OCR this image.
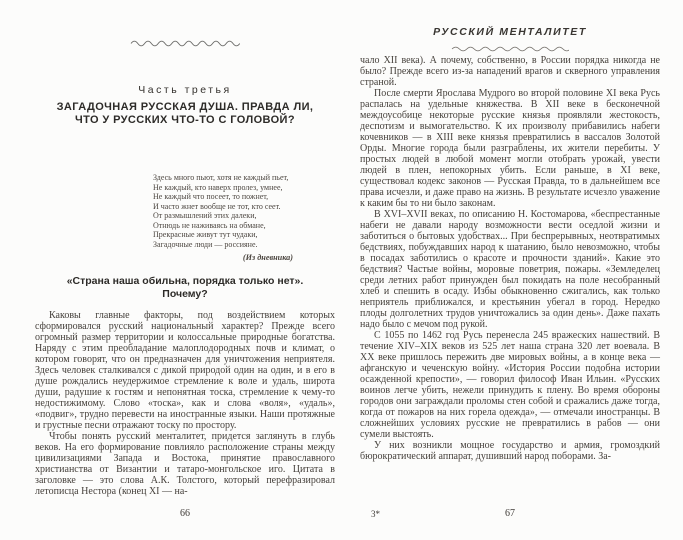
Часть третья
ЗАГАДОЧНАЯ РУССКАЯ ДУША. ПРАВДА ЛИ,
ЧТО У РУССКИХ ЧТО-ТО С ГОЛОВОЙ?
Здесь много пьют, хотя не каждый пьет,
Не каждый, кто наверх пролез, умнее,
Не каждый что посеет, то пожнет,
И часто жнет вообще не тот, кто сеет.
От размышлений этих далеки,
Отнюдь не наживаясь на обмане,
Прекрасные живут тут чудаки,
Загадочные люди — россияне.
(Из дневника)
«Страна наша обильна, порядка только нет».
Почему?

Каковы главные факторы, под воздействием которых сформировался русский национальный характер? Прежде всего огромный размер территории и колоссальные природные богатства. Наряду с этим преобладание малоплодородных почв и климат, о котором говорят, что он предназначен для уничтожения неприятеля. Здесь человек сталкивался с дикой природой один на один, и в его в душе рождались неудержимое стремление к воле и удаль, широта души, радушие к гостям и непонятная тоска, стремление к чему-то недостижимому. Слово «тоска», как и слова «воля», «удаль», «подвиг», трудно перевести на иностранные языки. Наши протяжные и грустные песни отражают тоску по простору.

Чтобы понять русский менталитет, придется заглянуть в глубь веков. На его формирование повлияло расположение страны между цивилизациями Запада и Востока, принятие православного христианства от Византии и татаро-монгольское иго. Цитата в заголовке — это слова А.К. Толстого, который перефразировал летописца Нестора (конец XI — на-

РУССКИЙ МЕНТАЛИТЕТ

чало XII века). А почему, собственно, в России порядка никогда не было? Прежде всего из-за нападений врагов и скверного управления страной.

После смерти Ярослава Мудрого во второй половине XI века Русь распалась на удельные княжества. В XII веке в бесконечной междоусобице некоторые русские князья проявляли жестокость, деспотизм и вымогательство. К их произволу прибавились набеги кочевников — в XIII веке князья превратились в вассалов Золотой Орды. Многие города были разграблены, их жители перебиты. У простых людей в любой момент могли отобрать урожай, увести людей в плен, непокорных убить. Если раньше, в XI веке, существовал кодекс законов — Русская Правда, то в дальнейшем все права исчезли, и даже право на жизнь. В результате исчезло уважение к каким бы то ни было законам.

В XVI–XVII веках, по описанию Н. Костомарова, «беспрестанные набеги не давали народу возможности вести оседлой жизни и заботиться о бытовых удобствах... При беспрерывных, неотвратимых бедствиях, побуждавших народ к шатанию, было невозможно, чтобы в посадах заботились о красоте и прочности зданий». Какие это бедствия? Частые войны, моровые поветрия, пожары. «Земледелец среди летних работ принужден был покидать на поле несобранный хлеб и спешить в осаду. Избы обыкновенно сжигались, как только неприятель приближался, и крестьянин убегал в город. Нередко плоды долголетних трудов уничтожались за один день». Даже пахать надо было с мечом под рукой.

С 1055 по 1462 год Русь перенесла 245 вражеских нашествий. В течение XIV–XIX веков из 525 лет наша страна 320 лет воевала. В XX веке пришлось пережить две мировых войны, а в конце века — афганскую и чеченскую войну. «История России подобна истории осажденной крепости», — говорил философ Иван Ильин. «Русских воинов легче убить, нежели принудить к плену. Во время обороны городов они заграждали проломы стен собой и сражались даже тогда, когда от пожаров на них горела одежда», — отмечали иностранцы. В сложнейших условиях русские не превратились в рабов — они сумели выстоять.

У них возникли мощное государство и армия, громоздкий бюрократический аппарат, душивший народ поборами. За-

66	3*	67
